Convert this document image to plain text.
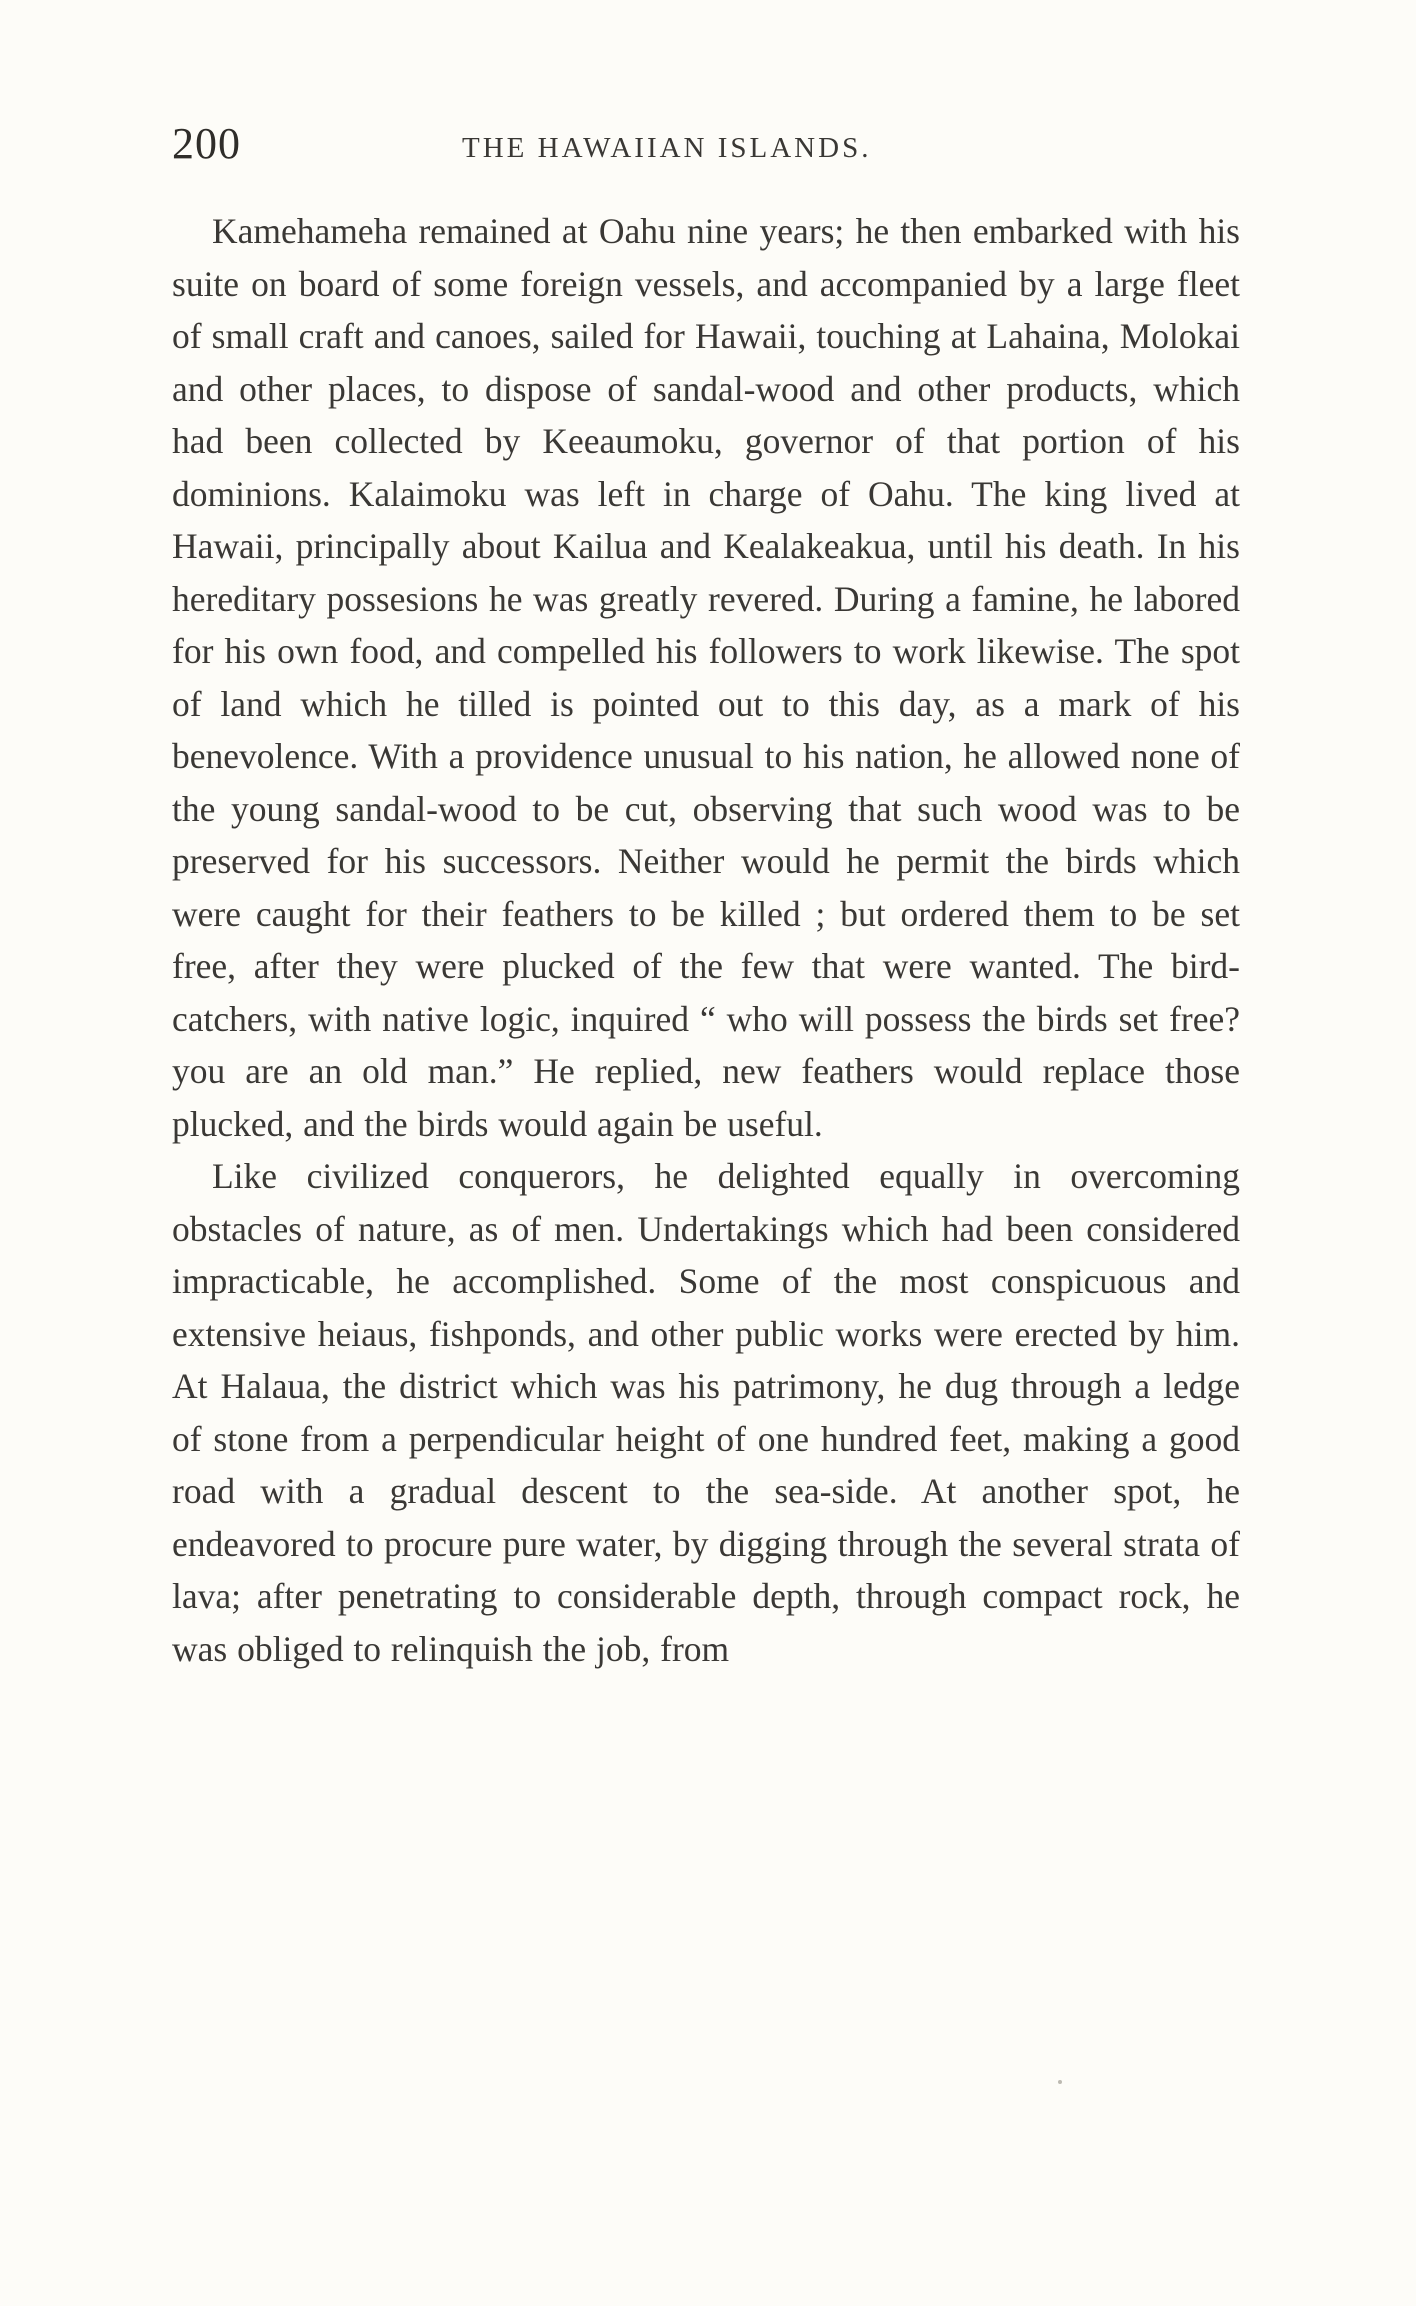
200	THE HAWAIIAN ISLANDS.

Kamehameha remained at Oahu nine years; he then embarked with his suite on board of some foreign vessels, and accompanied by a large fleet of small craft and canoes, sailed for Hawaii, touching at Lahaina, Molokai and other places, to dispose of sandal-wood and other products, which had been collected by Keeaumoku, governor of that portion of his dominions. Kalaimoku was left in charge of Oahu. The king lived at Hawaii, principally about Kailua and Kealakeakua, until his death. In his hereditary possesions he was greatly revered. During a famine, he labored for his own food, and compelled his followers to work likewise. The spot of land which he tilled is pointed out to this day, as a mark of his benevolence. With a providence unusual to his nation, he allowed none of the young sandal-wood to be cut, observing that such wood was to be preserved for his successors. Neither would he permit the birds which were caught for their feathers to be killed ; but ordered them to be set free, after they were plucked of the few that were wanted. The bird-catchers, with native logic, inquired “ who will possess the birds set free? you are an old man.” He replied, new feathers would replace those plucked, and the birds would again be useful.

Like civilized conquerors, he delighted equally in overcoming obstacles of nature, as of men. Undertakings which had been considered impracticable, he accomplished. Some of the most conspicuous and extensive heiaus, fishponds, and other public works were erected by him. At Halaua, the district which was his patrimony, he dug through a ledge of stone from a perpendicular height of one hundred feet, making a good road with a gradual descent to the sea-side. At another spot, he endeavored to procure pure water, by digging through the several strata of lava; after penetrating to considerable depth, through compact rock, he was obliged to relinquish the job, from
